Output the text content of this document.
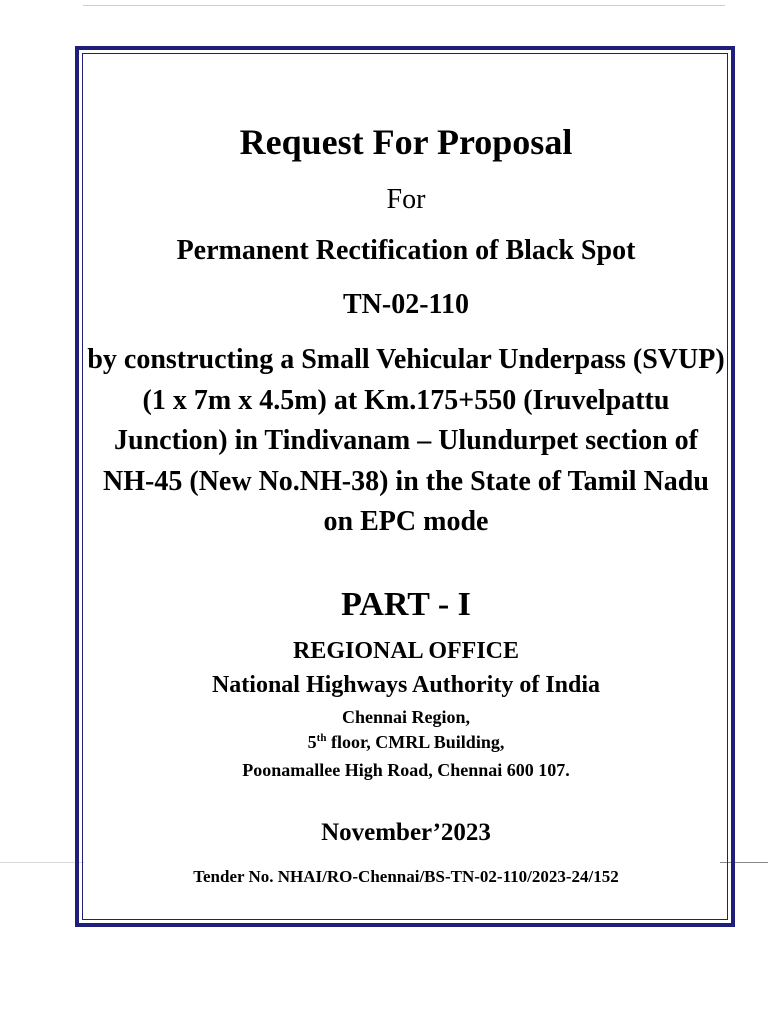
Request For Proposal
For
Permanent Rectification of Black Spot
TN-02-110
by constructing a Small Vehicular Underpass (SVUP) (1 x 7m x 4.5m) at Km.175+550 (Iruvelpattu Junction) in Tindivanam – Ulundurpet section of NH-45 (New No.NH-38) in the State of Tamil Nadu on EPC mode
PART - I
REGIONAL OFFICE
National Highways Authority of India
Chennai Region,
5th floor, CMRL Building,
Poonamallee High Road, Chennai 600 107.
November’2023
Tender No. NHAI/RO-Chennai/BS-TN-02-110/2023-24/152
